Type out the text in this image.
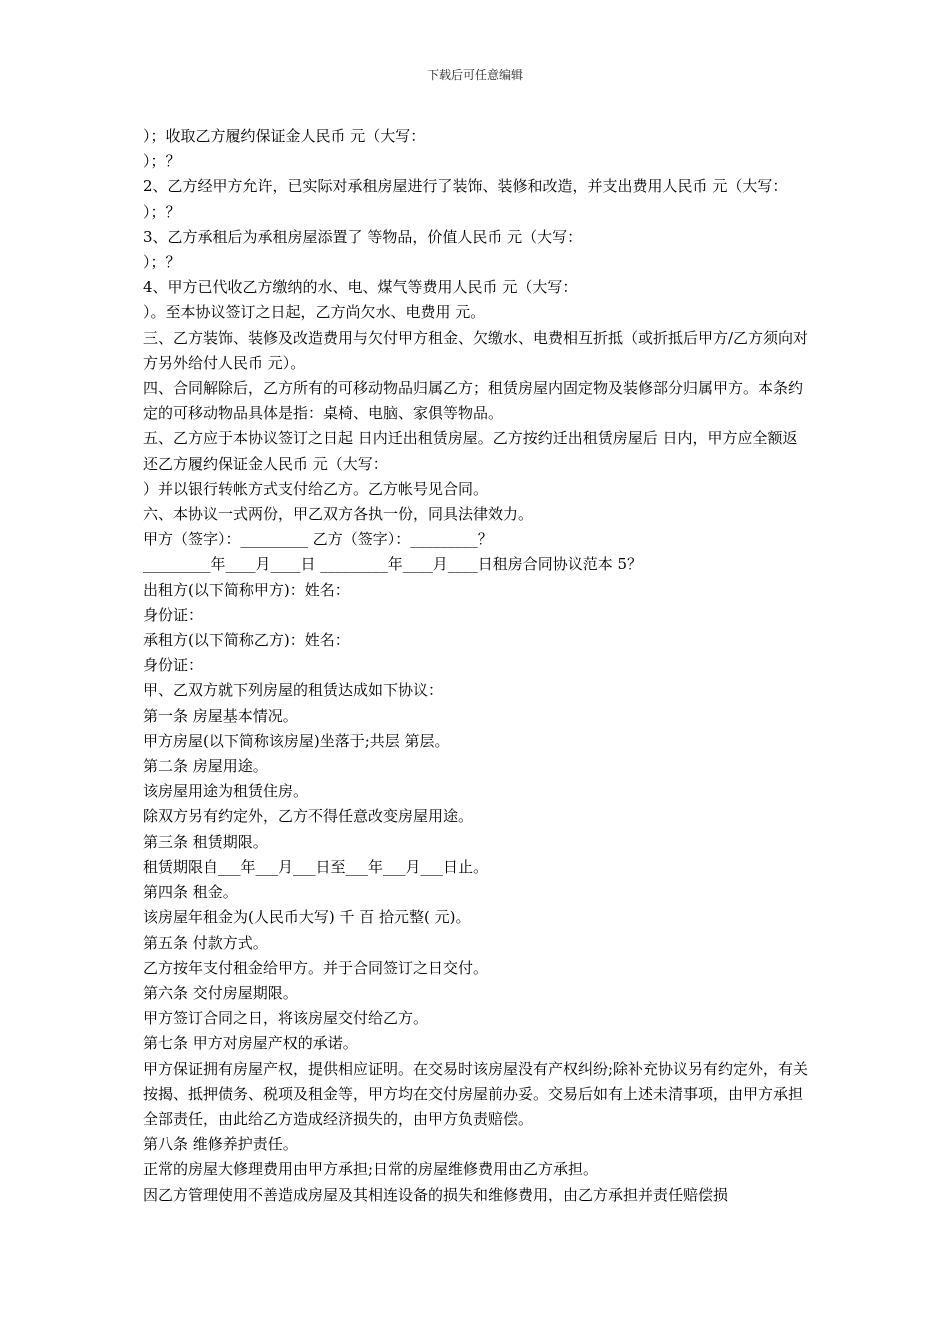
下载后可任意编辑

）；收取乙方履约保证金人民币 元（大写：

）；？

2、乙方经甲方允许，已实际对承租房屋进行了装饰、装修和改造，并支出费用人民币 元（大写：

）；？

3、乙方承租后为承租房屋添置了 等物品，价值人民币 元（大写：

）；？

4、甲方已代收乙方缴纳的水、电、煤气等费用人民币 元（大写：

）。至本协议签订之日起，乙方尚欠水、电费用 元。

三、乙方装饰、装修及改造费用与欠付甲方租金、欠缴水、电费相互折抵（或折抵后甲方/乙方须向对方另外给付人民币 元）。

四、合同解除后，乙方所有的可移动物品归属乙方；租赁房屋内固定物及装修部分归属甲方。本条约定的可移动物品具体是指：桌椅、电脑、家俱等物品。

五、乙方应于本协议签订之日起 日内迁出租赁房屋。乙方按约迁出租赁房屋后 日内，甲方应全额返还乙方履约保证金人民币 元（大写：

）并以银行转帐方式支付给乙方。乙方帐号见合同。

六、本协议一式两份，甲乙双方各执一份，同具法律效力。

甲方（签字）：_________ 乙方（签字）：_________？

_________年____月____日 _________年____月____日租房合同协议范本 5？

出租方(以下简称甲方)：姓名：

身份证：

承租方(以下简称乙方)：姓名：

身份证：

甲、乙双方就下列房屋的租赁达成如下协议：

第一条 房屋基本情况。

甲方房屋(以下简称该房屋)坐落于;共层 第层。

第二条 房屋用途。

该房屋用途为租赁住房。

除双方另有约定外，乙方不得任意改变房屋用途。

第三条 租赁期限。

租赁期限自___年___月___日至___年___月___日止。

第四条 租金。

该房屋年租金为(人民币大写) 千 百 拾元整( 元)。

第五条 付款方式。

乙方按年支付租金给甲方。并于合同签订之日交付。

第六条 交付房屋期限。

甲方签订合同之日，将该房屋交付给乙方。

第七条 甲方对房屋产权的承诺。

甲方保证拥有房屋产权，提供相应证明。在交易时该房屋没有产权纠纷;除补充协议另有约定外，有关按揭、抵押债务、税项及租金等，甲方均在交付房屋前办妥。交易后如有上述未清事项，由甲方承担全部责任，由此给乙方造成经济损失的，由甲方负责赔偿。

第八条 维修养护责任。

正常的房屋大修理费用由甲方承担;日常的房屋维修费用由乙方承担。

因乙方管理使用不善造成房屋及其相连设备的损失和维修费用，由乙方承担并责任赔偿损
